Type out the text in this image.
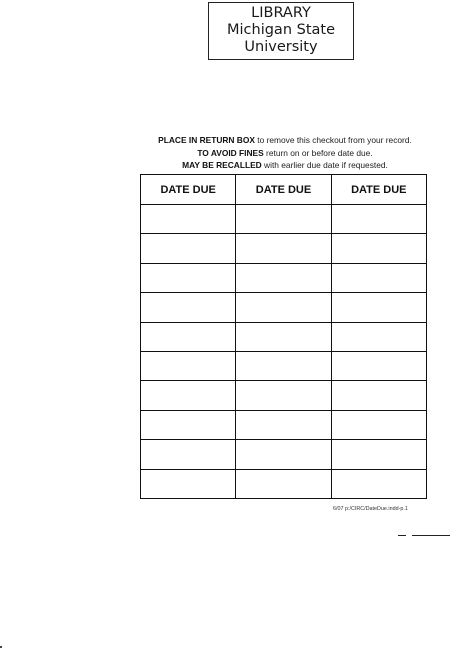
LIBRARY
Michigan State
University
PLACE IN RETURN BOX to remove this checkout from your record.
TO AVOID FINES return on or before date due.
MAY BE RECALLED with earlier due date if requested.
DATE DUE	DATE DUE	DATE DUE

6/07 p:/CIRC/DateDue.indd-p.1
